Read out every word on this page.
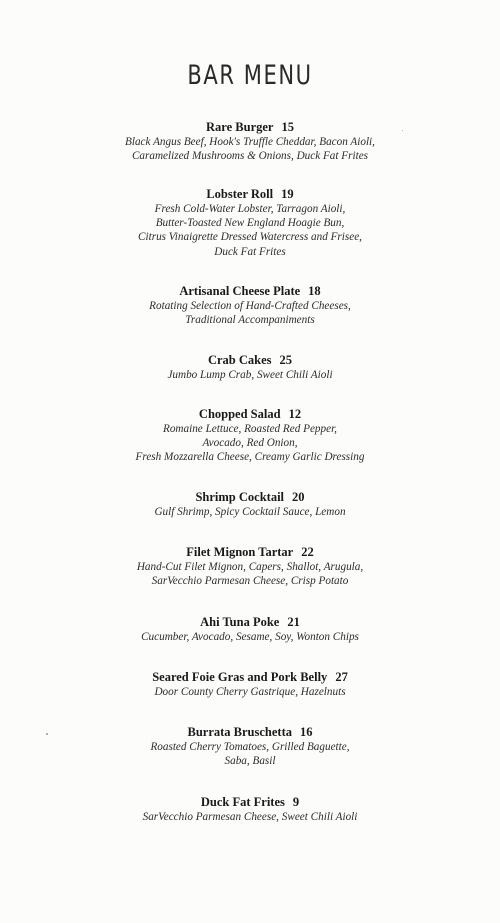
BAR MENU
Rare Burger 15
Black Angus Beef, Hook's Truffle Cheddar, Bacon Aioli,
Caramelized Mushrooms & Onions, Duck Fat Frites
Lobster Roll 19
Fresh Cold-Water Lobster, Tarragon Aioli,
Butter-Toasted New England Hoagie Bun,
Citrus Vinaigrette Dressed Watercress and Frisee,
Duck Fat Frites
Artisanal Cheese Plate 18
Rotating Selection of Hand-Crafted Cheeses,
Traditional Accompaniments
Crab Cakes 25
Jumbo Lump Crab, Sweet Chili Aioli
Chopped Salad 12
Romaine Lettuce, Roasted Red Pepper,
Avocado, Red Onion,
Fresh Mozzarella Cheese, Creamy Garlic Dressing
Shrimp Cocktail 20
Gulf Shrimp, Spicy Cocktail Sauce, Lemon
Filet Mignon Tartar 22
Hand-Cut Filet Mignon, Capers, Shallot, Arugula,
SarVecchio Parmesan Cheese, Crisp Potato
Ahi Tuna Poke 21
Cucumber, Avocado, Sesame, Soy, Wonton Chips
Seared Foie Gras and Pork Belly 27
Door County Cherry Gastrique, Hazelnuts
Burrata Bruschetta 16
Roasted Cherry Tomatoes, Grilled Baguette,
Saba, Basil
Duck Fat Frites 9
SarVecchio Parmesan Cheese, Sweet Chili Aioli
